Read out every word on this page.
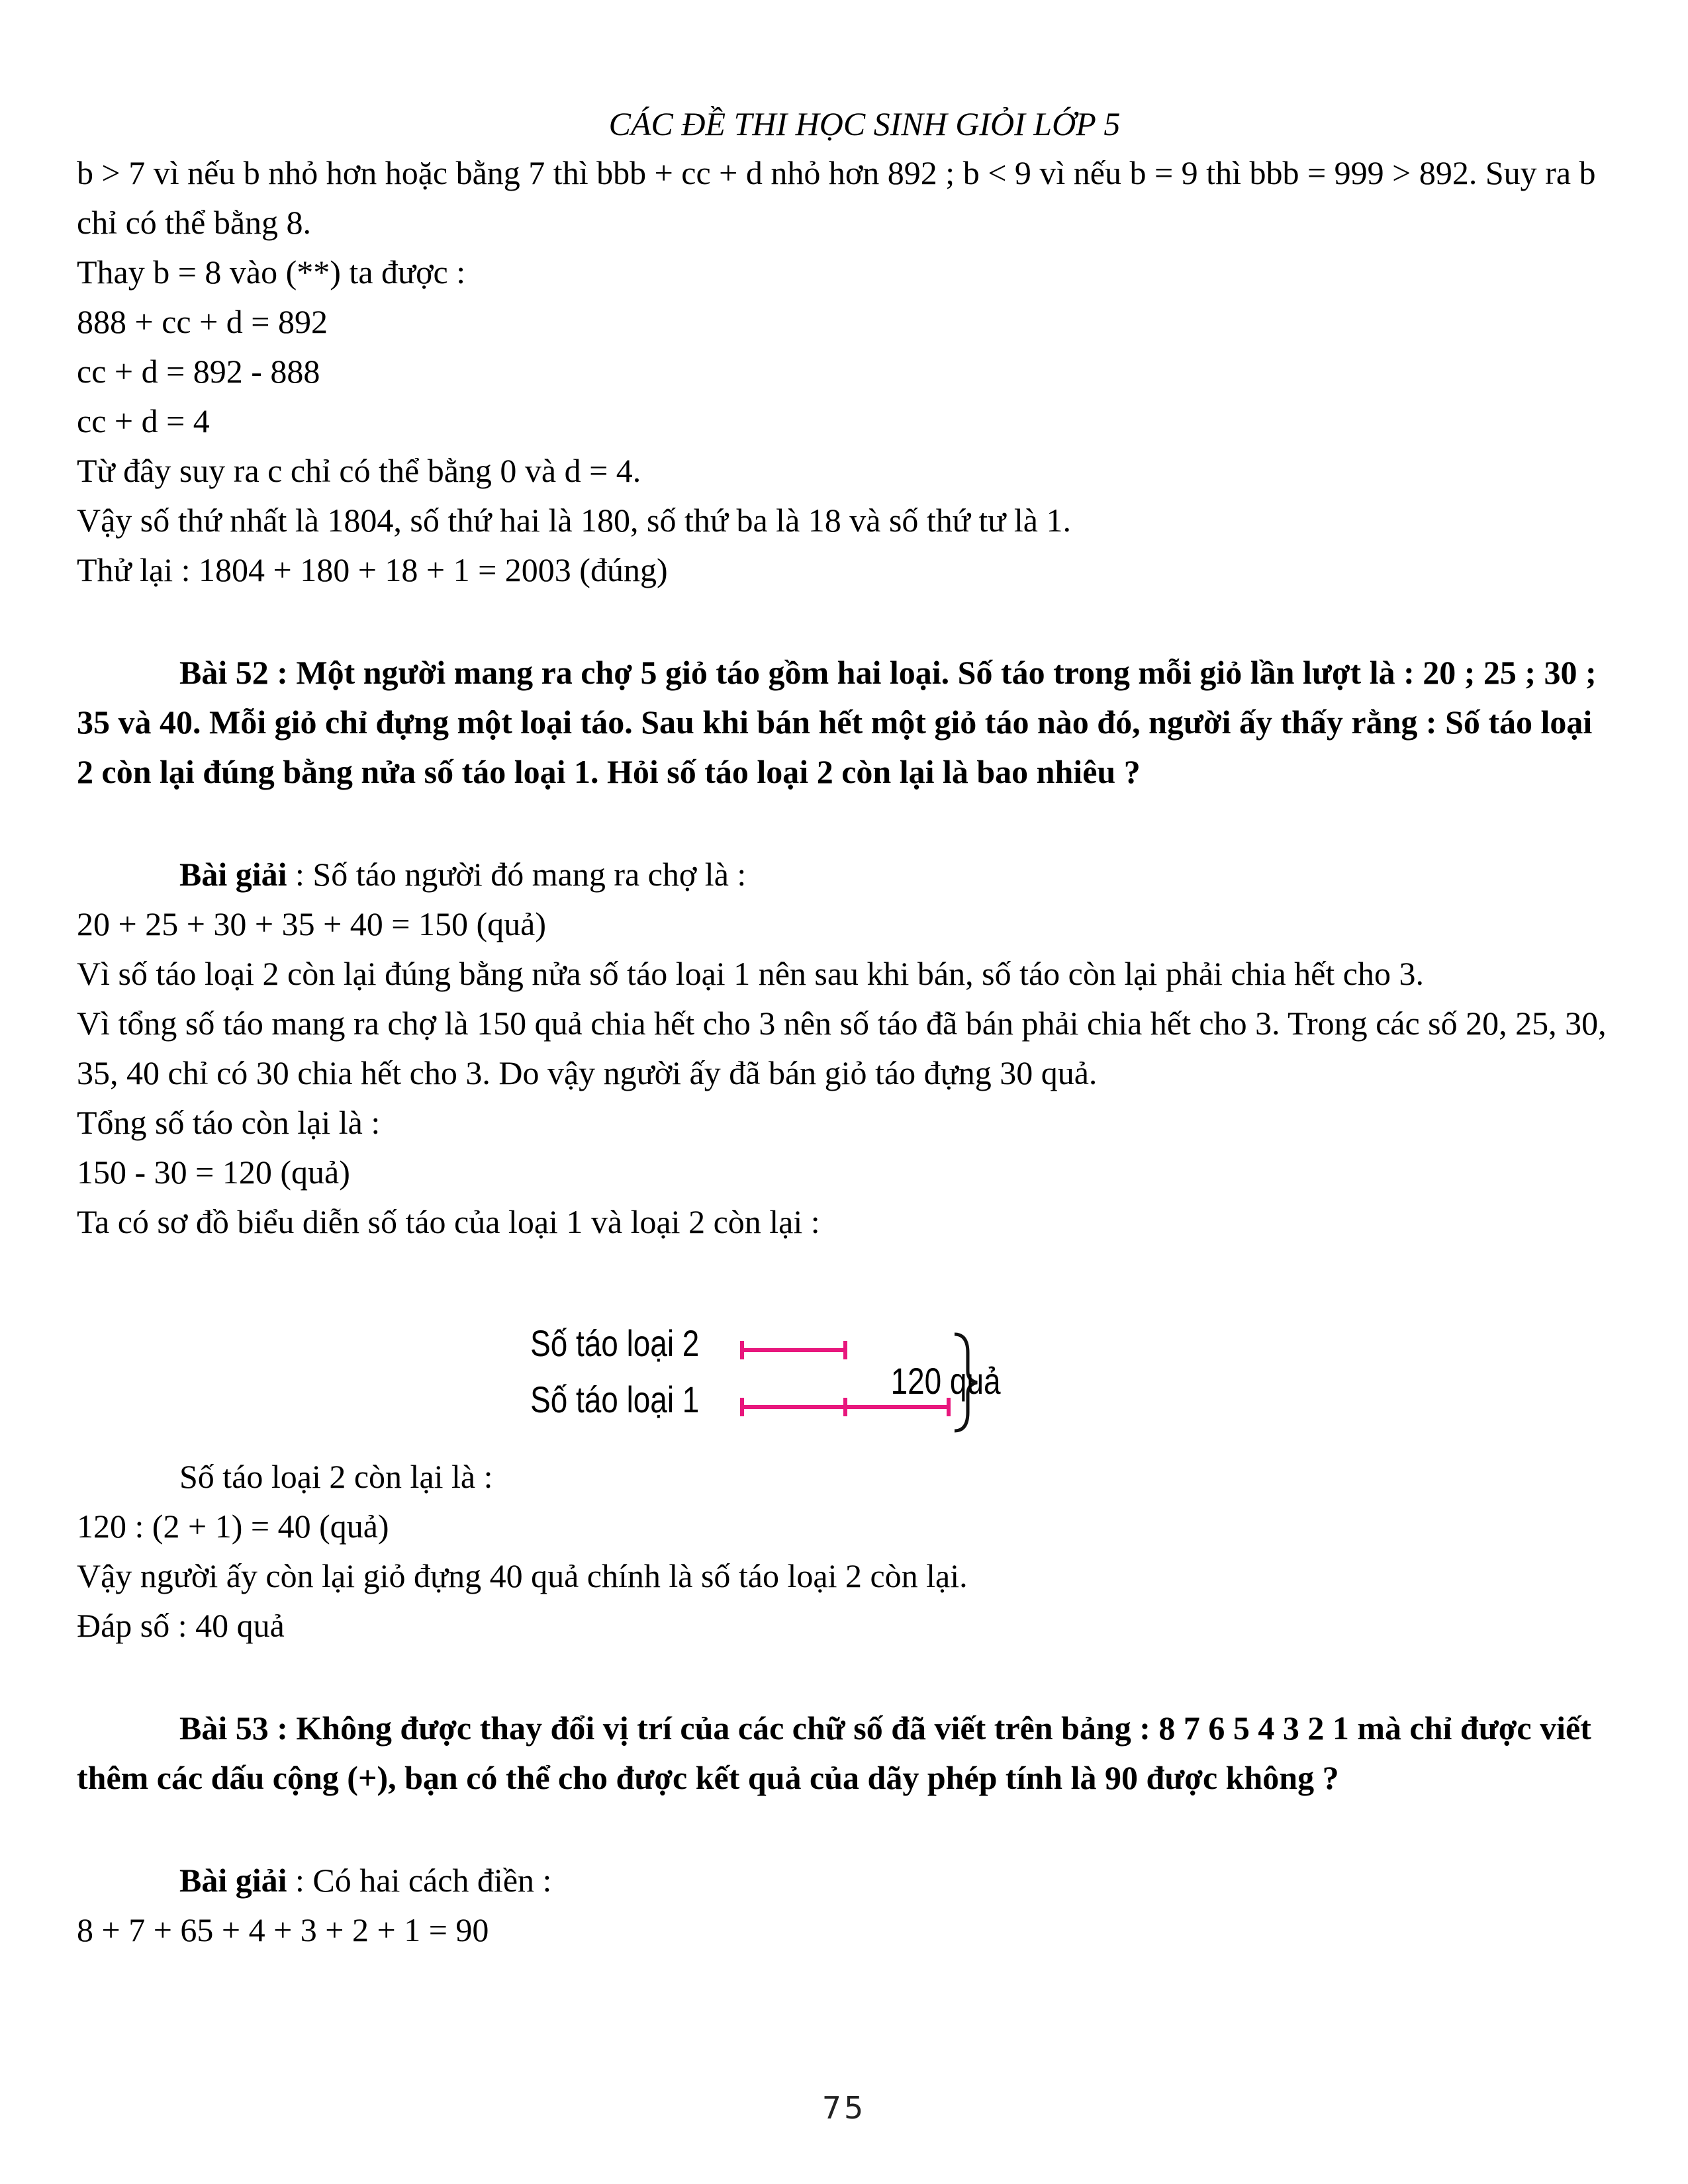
CÁC ĐỀ THI HỌC SINH GIỎI LỚP 5
b > 7 vì nếu b nhỏ hơn hoặc bằng 7 thì bbb + cc + d nhỏ hơn 892 ; b < 9 vì nếu b = 9 thì bbb = 999 > 892. Suy ra b chỉ có thể bằng 8.
Thay b = 8 vào (**) ta được :
888 + cc + d = 892
cc + d = 892 - 888
cc + d = 4
Từ đây suy ra c chỉ có thể bằng 0 và d = 4.
Vậy số thứ nhất là 1804, số thứ hai là 180, số thứ ba là 18 và số thứ tư là 1.
Thử lại : 1804 + 180 + 18 + 1 = 2003 (đúng)
Bài 52 : Một người mang ra chợ 5 giỏ táo gồm hai loại. Số táo trong mỗi giỏ lần lượt là : 20 ; 25 ; 30 ; 35 và 40. Mỗi giỏ chỉ đựng một loại táo. Sau khi bán hết một giỏ táo nào đó, người ấy thấy rằng : Số táo loại 2 còn lại đúng bằng nửa số táo loại 1. Hỏi số táo loại 2 còn lại là bao nhiêu ?
Bài giải : Số táo người đó mang ra chợ là :
20 + 25 + 30 + 35 + 40 = 150 (quả)
Vì số táo loại 2 còn lại đúng bằng nửa số táo loại 1 nên sau khi bán, số táo còn lại phải chia hết cho 3.
Vì tổng số táo mang ra chợ là 150 quả chia hết cho 3 nên số táo đã bán phải chia hết cho 3. Trong các số 20, 25, 30, 35, 40 chỉ có 30 chia hết cho 3. Do vậy người ấy đã bán giỏ táo đựng 30 quả.
Tổng số táo còn lại là :
150 - 30 = 120 (quả)
Ta có sơ đồ biểu diễn số táo của loại 1 và loại 2 còn lại :
Số táo loại 2
Số táo loại 1	120 quả
Số táo loại 2 còn lại là :
120 : (2 + 1) = 40 (quả)
Vậy người ấy còn lại giỏ đựng 40 quả chính là số táo loại 2 còn lại.
Đáp số : 40 quả
Bài 53 : Không được thay đổi vị trí của các chữ số đã viết trên bảng : 8 7 6 5 4 3 2 1 mà chỉ được viết thêm các dấu cộng (+), bạn có thể cho được kết quả của dãy phép tính là 90 được không ?
Bài giải : Có hai cách điền :
8 + 7 + 65 + 4 + 3 + 2 + 1 = 90
75
